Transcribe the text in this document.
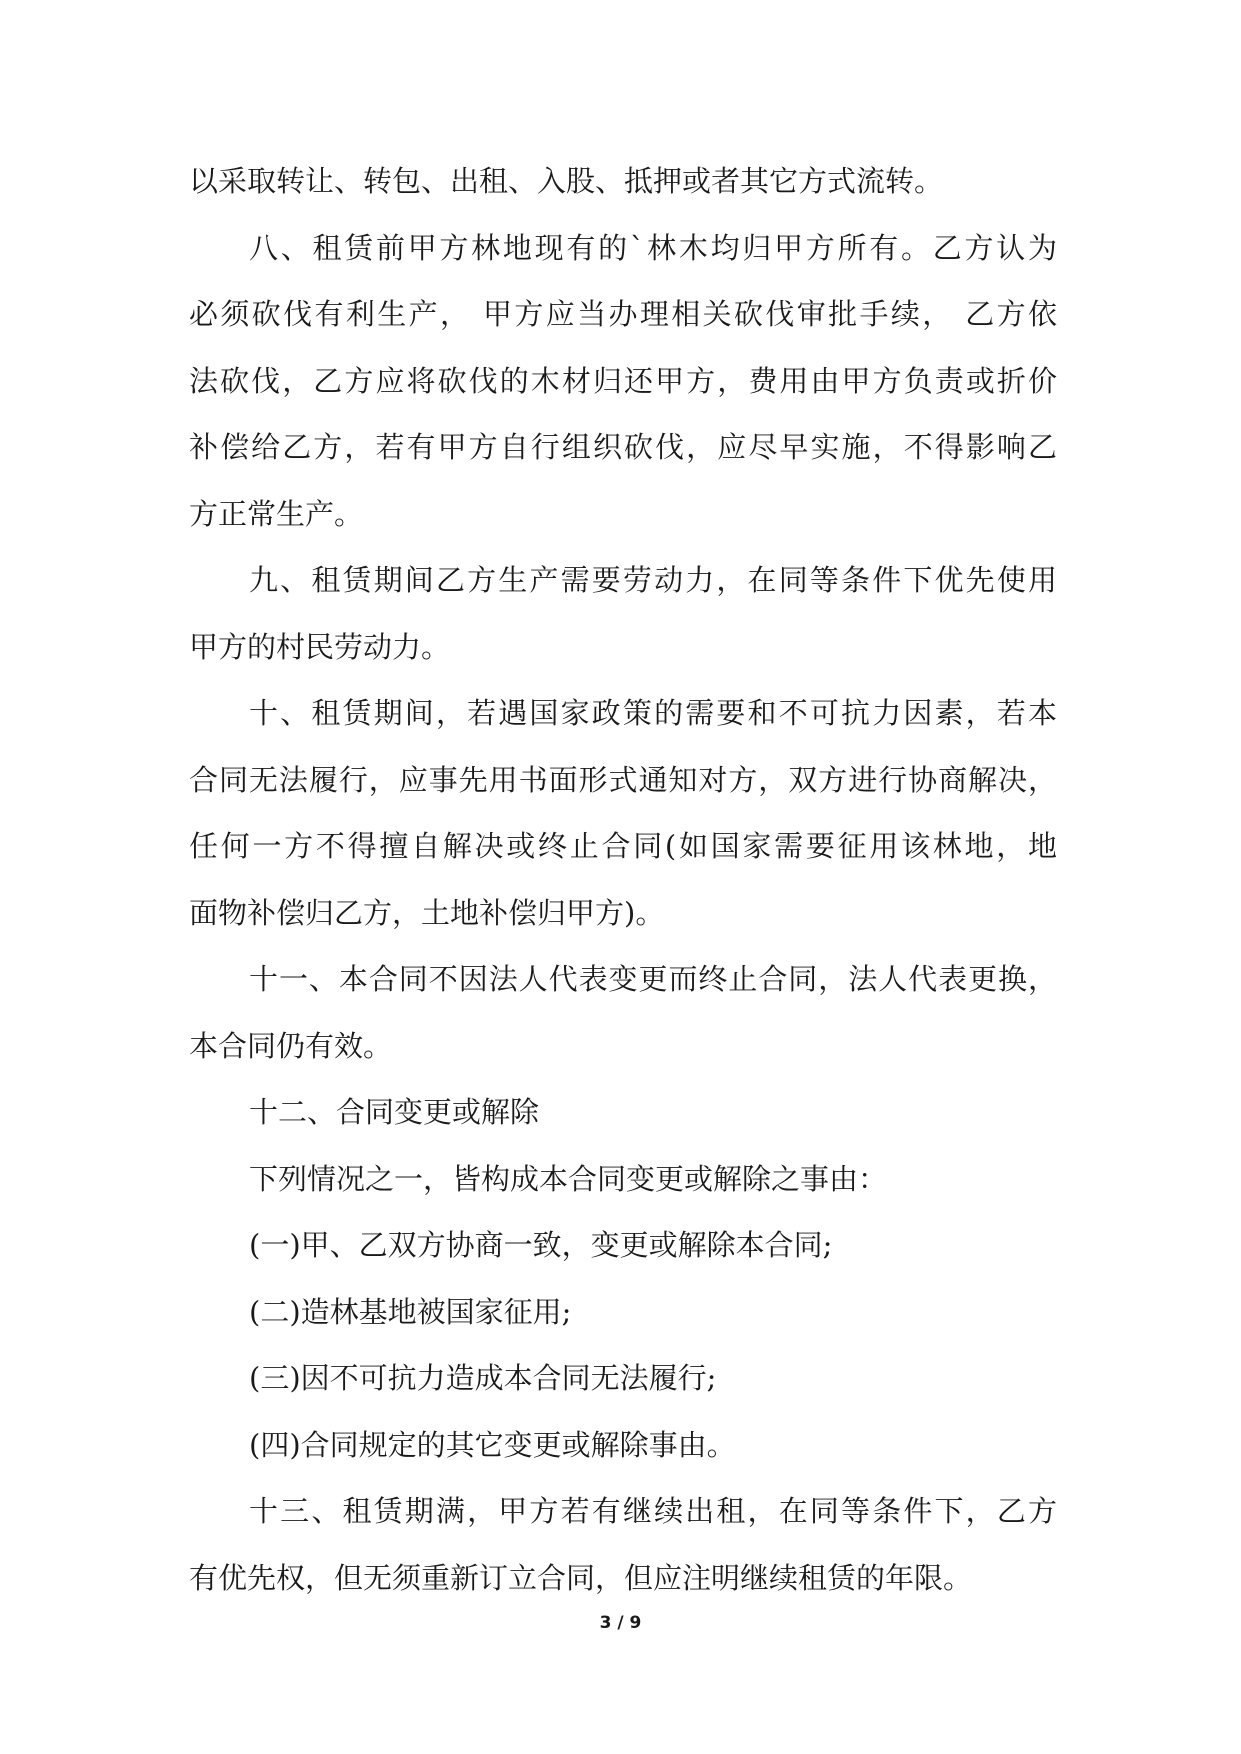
以采取转让、转包、出租、入股、抵押或者其它方式流转。
八、租赁前甲方林地现有的`林木均归甲方所有。乙方认为
必须砍伐有利生产， 甲方应当办理相关砍伐审批手续， 乙方依
法砍伐，乙方应将砍伐的木材归还甲方，费用由甲方负责或折价
补偿给乙方，若有甲方自行组织砍伐，应尽早实施，不得影响乙
方正常生产。
九、租赁期间乙方生产需要劳动力，在同等条件下优先使用
甲方的村民劳动力。
十、租赁期间，若遇国家政策的需要和不可抗力因素，若本
合同无法履行，应事先用书面形式通知对方，双方进行协商解决，
任何一方不得擅自解决或终止合同(如国家需要征用该林地，地
面物补偿归乙方，土地补偿归甲方)。
十一、本合同不因法人代表变更而终止合同，法人代表更换，
本合同仍有效。
十二、合同变更或解除
下列情况之一，皆构成本合同变更或解除之事由：
(一)甲、乙双方协商一致，变更或解除本合同;
(二)造林基地被国家征用;
(三)因不可抗力造成本合同无法履行;
(四)合同规定的其它变更或解除事由。
十三、租赁期满，甲方若有继续出租，在同等条件下，乙方
有优先权，但无须重新订立合同，但应注明继续租赁的年限。
3 / 9
